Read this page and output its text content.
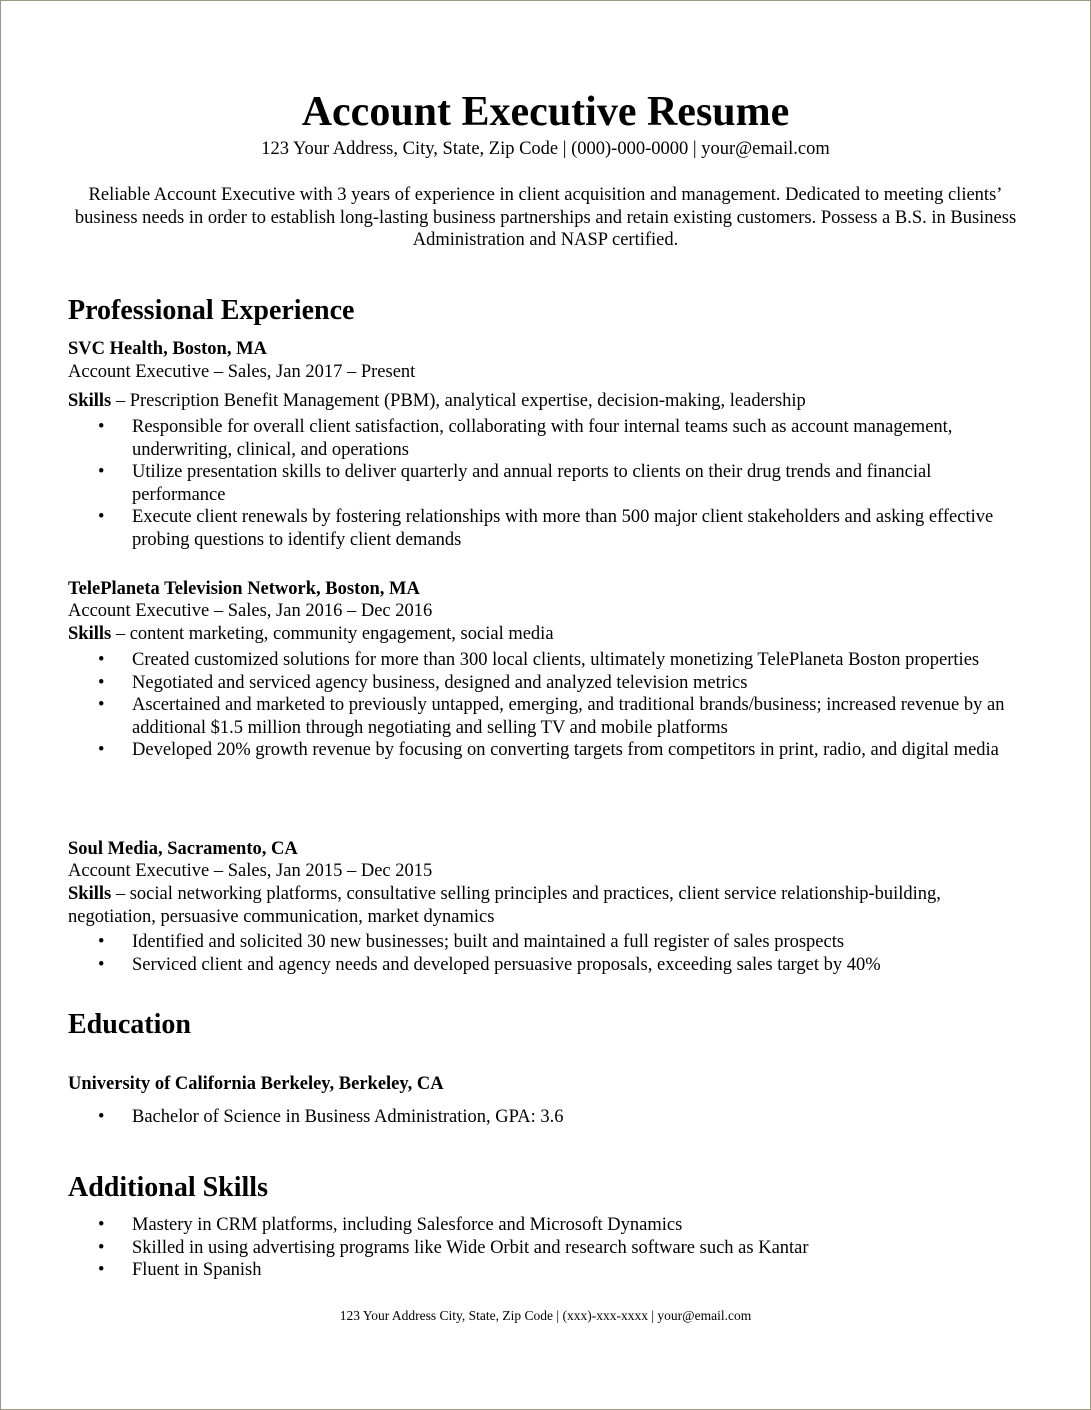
Account Executive Resume
123 Your Address, City, State, Zip Code | (000)-000-0000 | your@email.com
Reliable Account Executive with 3 years of experience in client acquisition and management. Dedicated to meeting clients’ business needs in order to establish long-lasting business partnerships and retain existing customers. Possess a B.S. in Business Administration and NASP certified.
Professional Experience
SVC Health, Boston, MA
Account Executive – Sales, Jan 2017 – Present
Skills – Prescription Benefit Management (PBM), analytical expertise, decision-making, leadership
• Responsible for overall client satisfaction, collaborating with four internal teams such as account management, underwriting, clinical, and operations
• Utilize presentation skills to deliver quarterly and annual reports to clients on their drug trends and financial performance
• Execute client renewals by fostering relationships with more than 500 major client stakeholders and asking effective probing questions to identify client demands
TelePlaneta Television Network, Boston, MA
Account Executive – Sales, Jan 2016 – Dec 2016
Skills – content marketing, community engagement, social media
• Created customized solutions for more than 300 local clients, ultimately monetizing TelePlaneta Boston properties
• Negotiated and serviced agency business, designed and analyzed television metrics
• Ascertained and marketed to previously untapped, emerging, and traditional brands/business; increased revenue by an additional $1.5 million through negotiating and selling TV and mobile platforms
• Developed 20% growth revenue by focusing on converting targets from competitors in print, radio, and digital media
Soul Media, Sacramento, CA
Account Executive – Sales, Jan 2015 – Dec 2015
Skills – social networking platforms, consultative selling principles and practices, client service relationship-building, negotiation, persuasive communication, market dynamics
• Identified and solicited 30 new businesses; built and maintained a full register of sales prospects
• Serviced client and agency needs and developed persuasive proposals, exceeding sales target by 40%
Education
University of California Berkeley, Berkeley, CA
• Bachelor of Science in Business Administration, GPA: 3.6
Additional Skills
• Mastery in CRM platforms, including Salesforce and Microsoft Dynamics
• Skilled in using advertising programs like Wide Orbit and research software such as Kantar
• Fluent in Spanish
123 Your Address City, State, Zip Code | (xxx)-xxx-xxxx | your@email.com
